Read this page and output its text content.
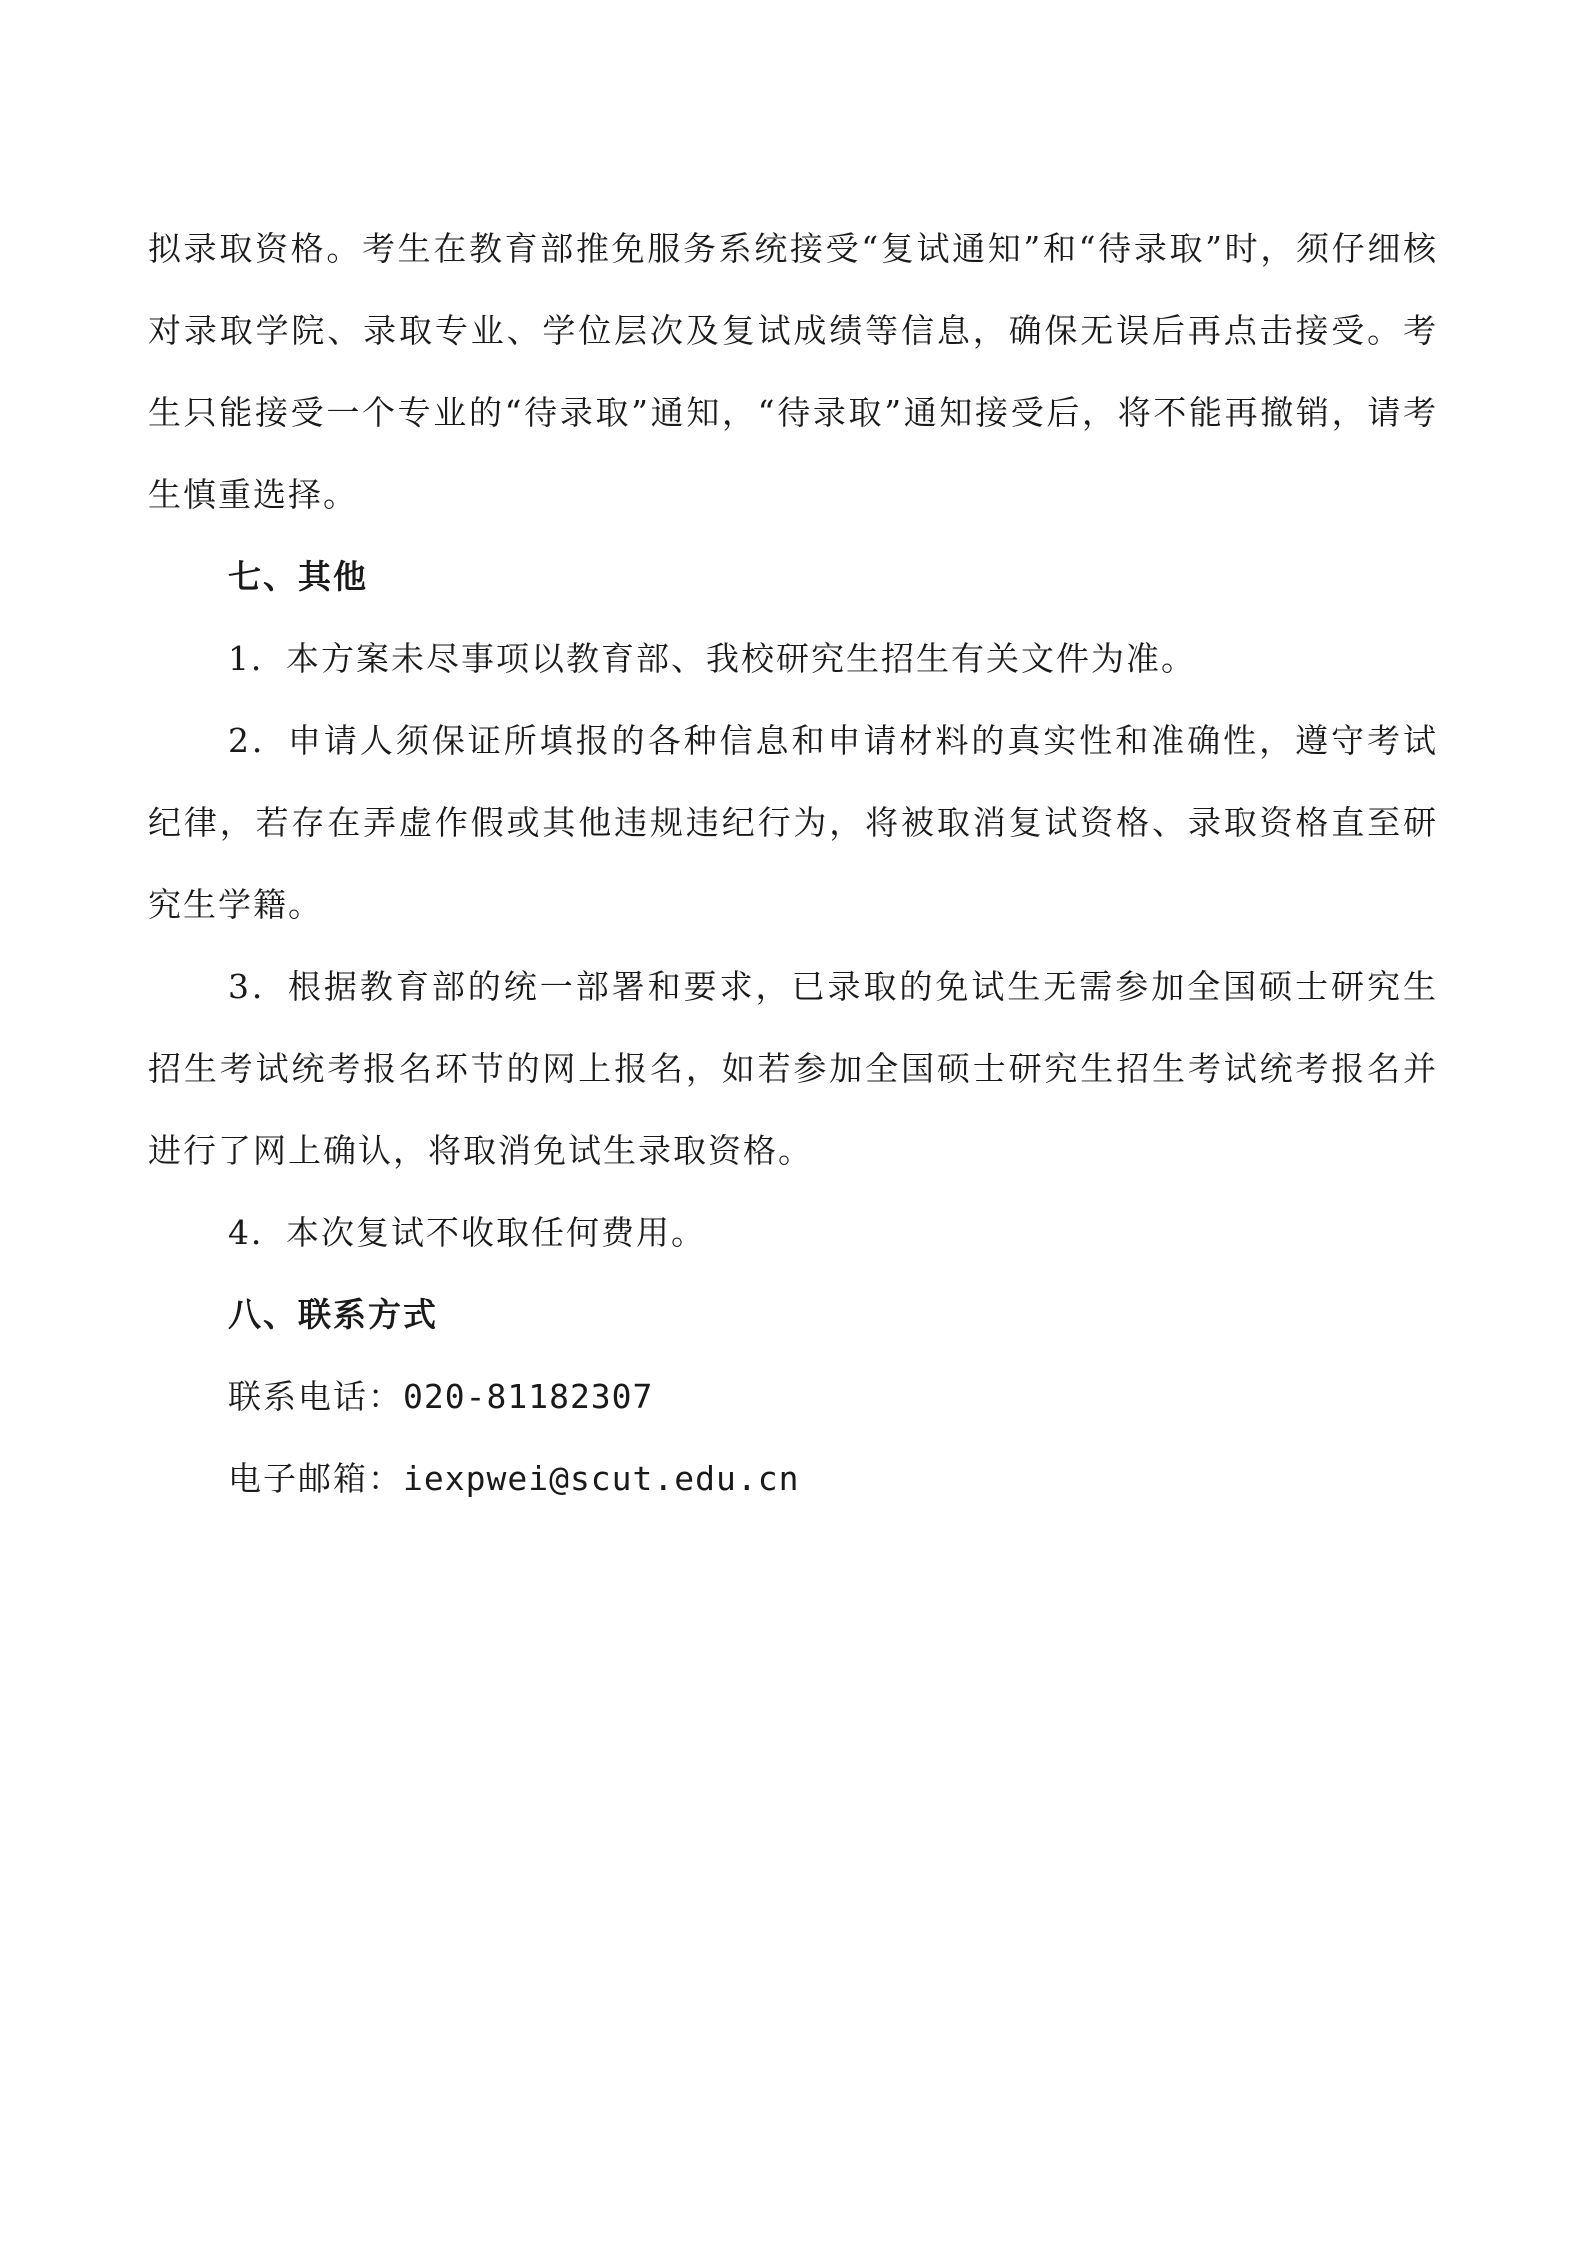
拟录取资格。考生在教育部推免服务系统接受“复试通知”和“待录取”时，须仔细核对录取学院、录取专业、学位层次及复试成绩等信息，确保无误后再点击接受。考生只能接受一个专业的“待录取”通知，“待录取”通知接受后，将不能再撤销，请考生慎重选择。

七、其他

1．本方案未尽事项以教育部、我校研究生招生有关文件为准。

2．申请人须保证所填报的各种信息和申请材料的真实性和准确性，遵守考试纪律，若存在弄虚作假或其他违规违纪行为，将被取消复试资格、录取资格直至研究生学籍。

3．根据教育部的统一部署和要求，已录取的免试生无需参加全国硕士研究生招生考试统考报名环节的网上报名，如若参加全国硕士研究生招生考试统考报名并进行了网上确认，将取消免试生录取资格。

4．本次复试不收取任何费用。

八、联系方式

联系电话：020-81182307

电子邮箱：iexpwei@scut.edu.cn
